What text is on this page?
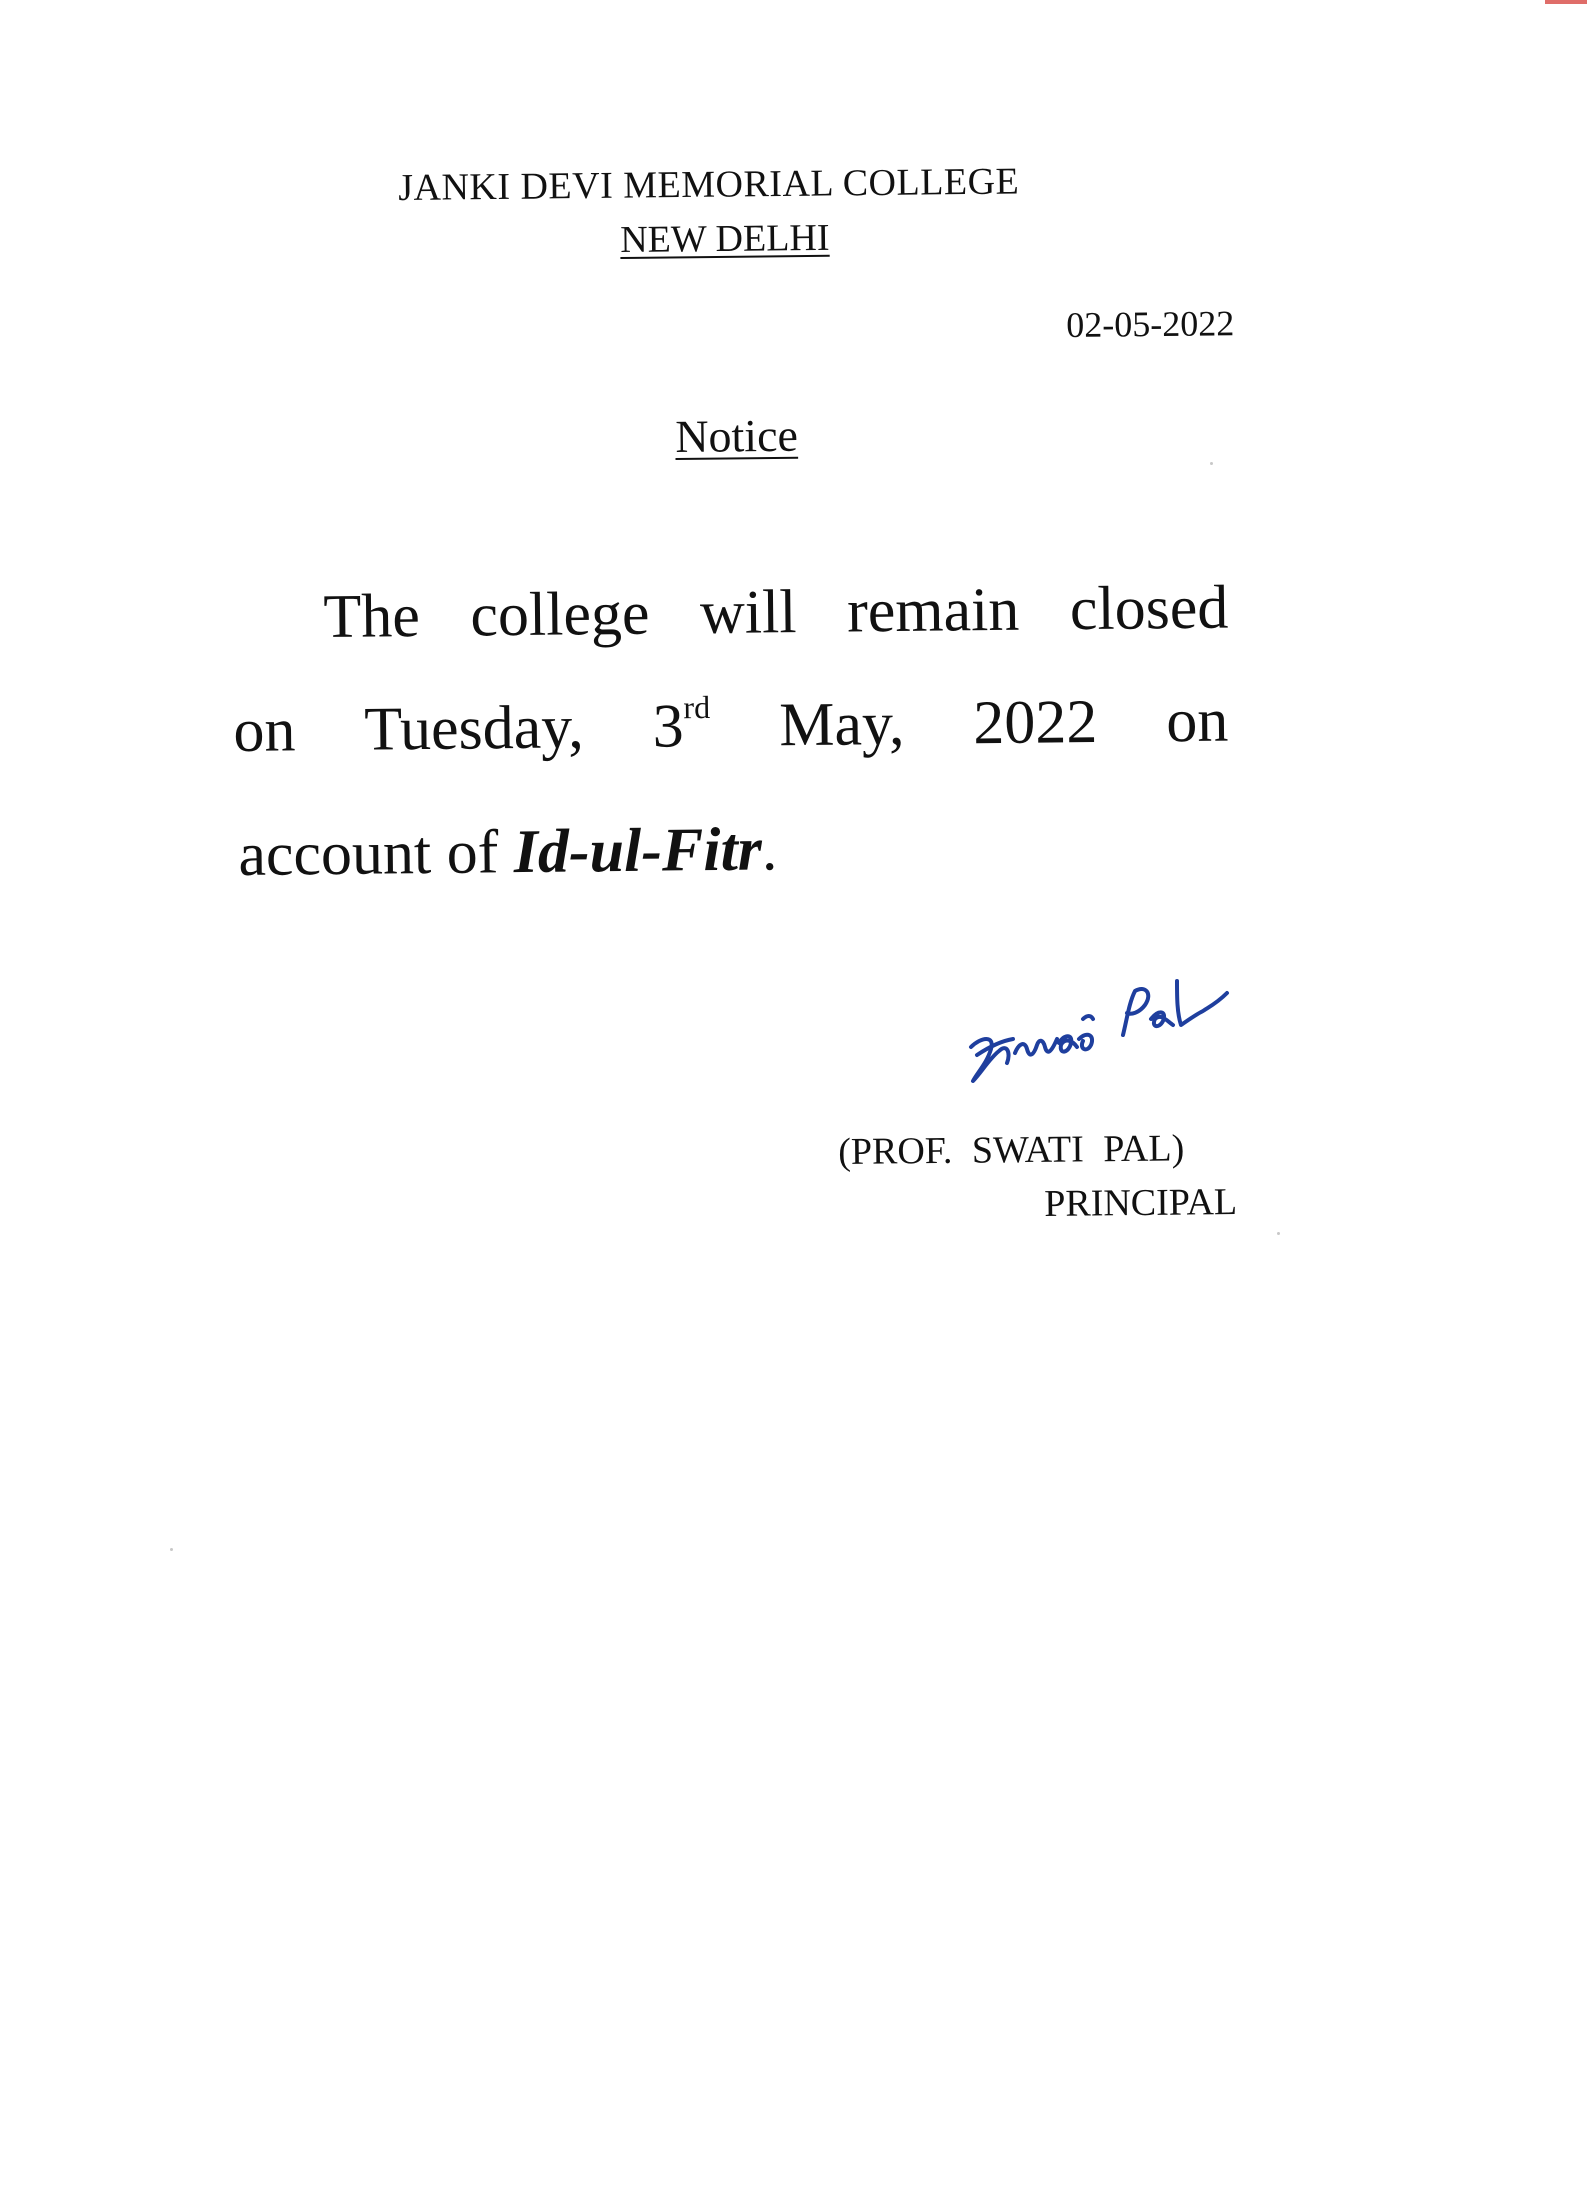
JANKI DEVI MEMORIAL COLLEGE
NEW DELHI
02-05-2022
Notice
The college will remain closed
on Tuesday, 3rd May, 2022 on
account of Id-ul-Fitr.
(PROF. SWATI PAL)
PRINCIPAL
